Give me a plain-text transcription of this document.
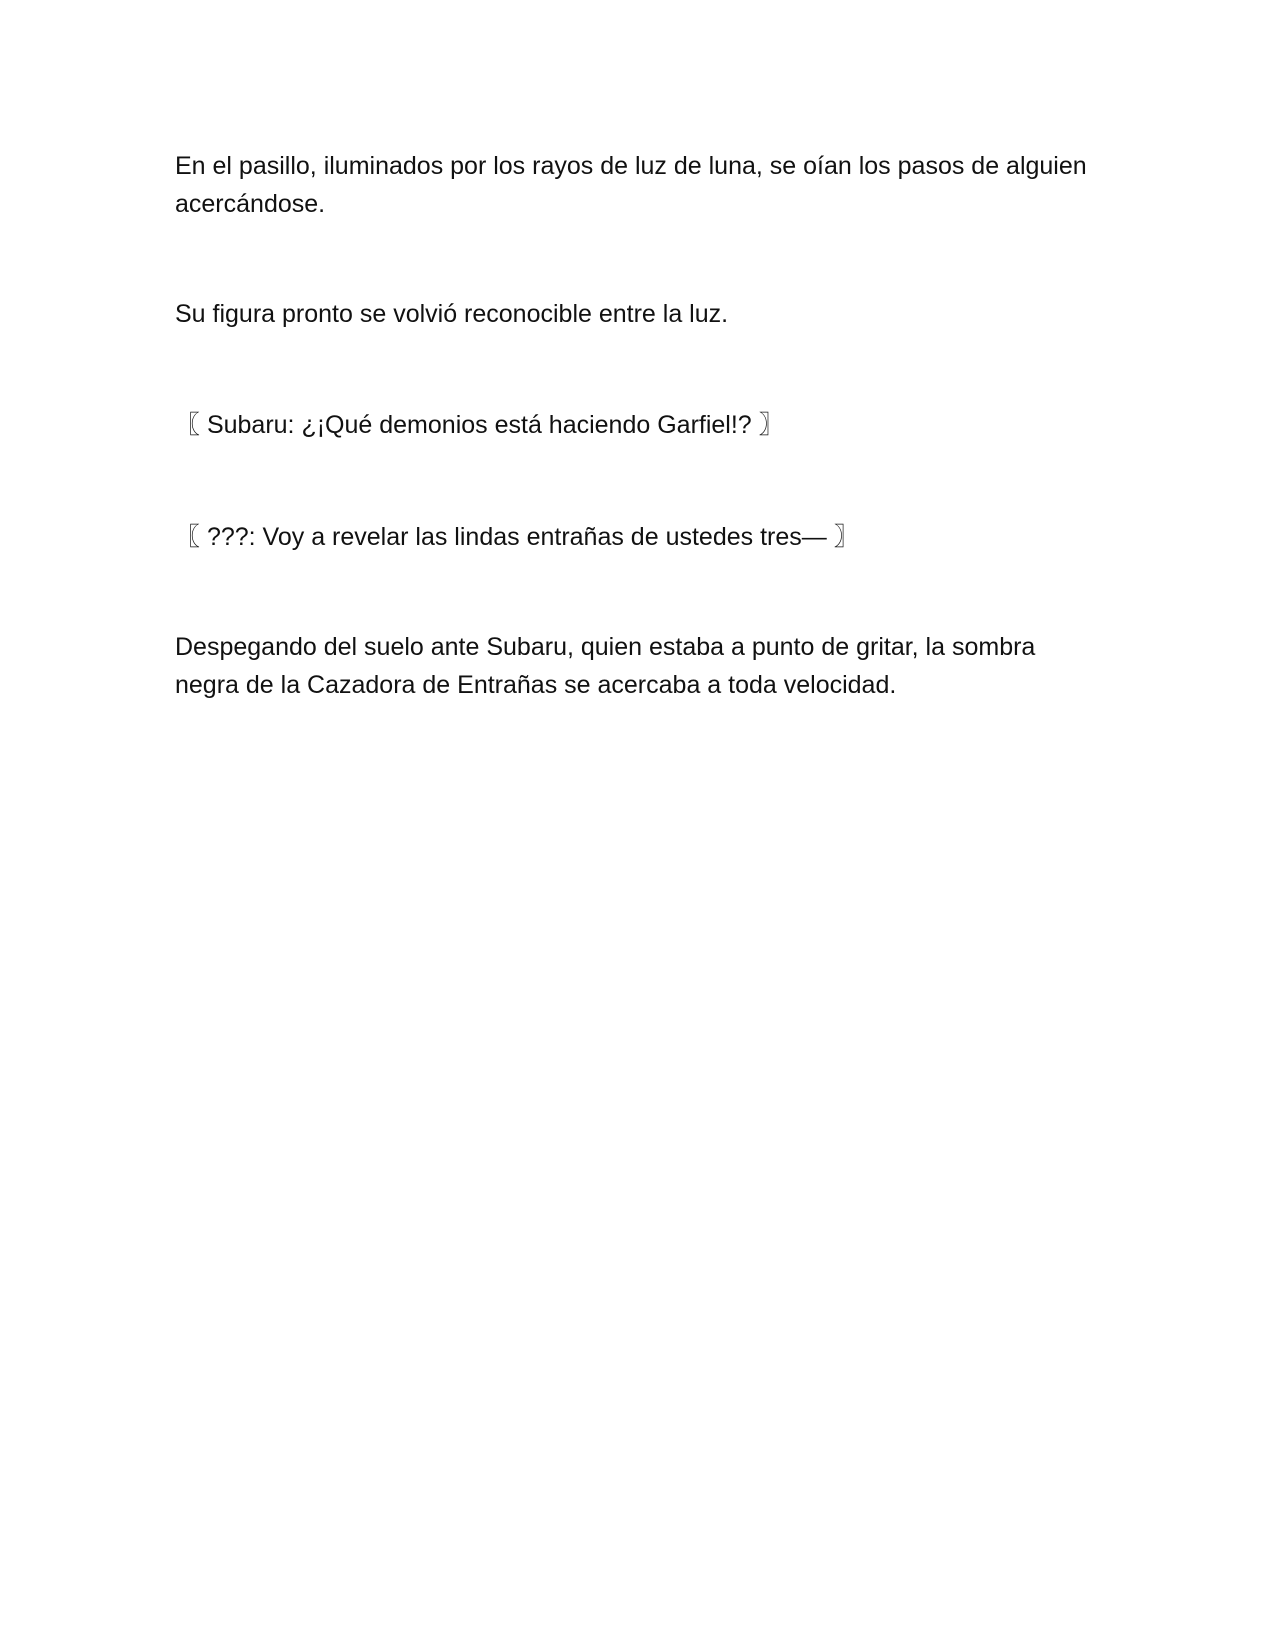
En el pasillo, iluminados por los rayos de luz de luna, se oían los pasos de alguien acercándose.

Su figura pronto se volvió reconocible entre la luz.

〖 Subaru: ¿¡Qué demonios está haciendo Garfiel!? 〗

〖 ???: Voy a revelar las lindas entrañas de ustedes tres— 〗

Despegando del suelo ante Subaru, quien estaba a punto de gritar, la sombra negra de la Cazadora de Entrañas se acercaba a toda velocidad.
